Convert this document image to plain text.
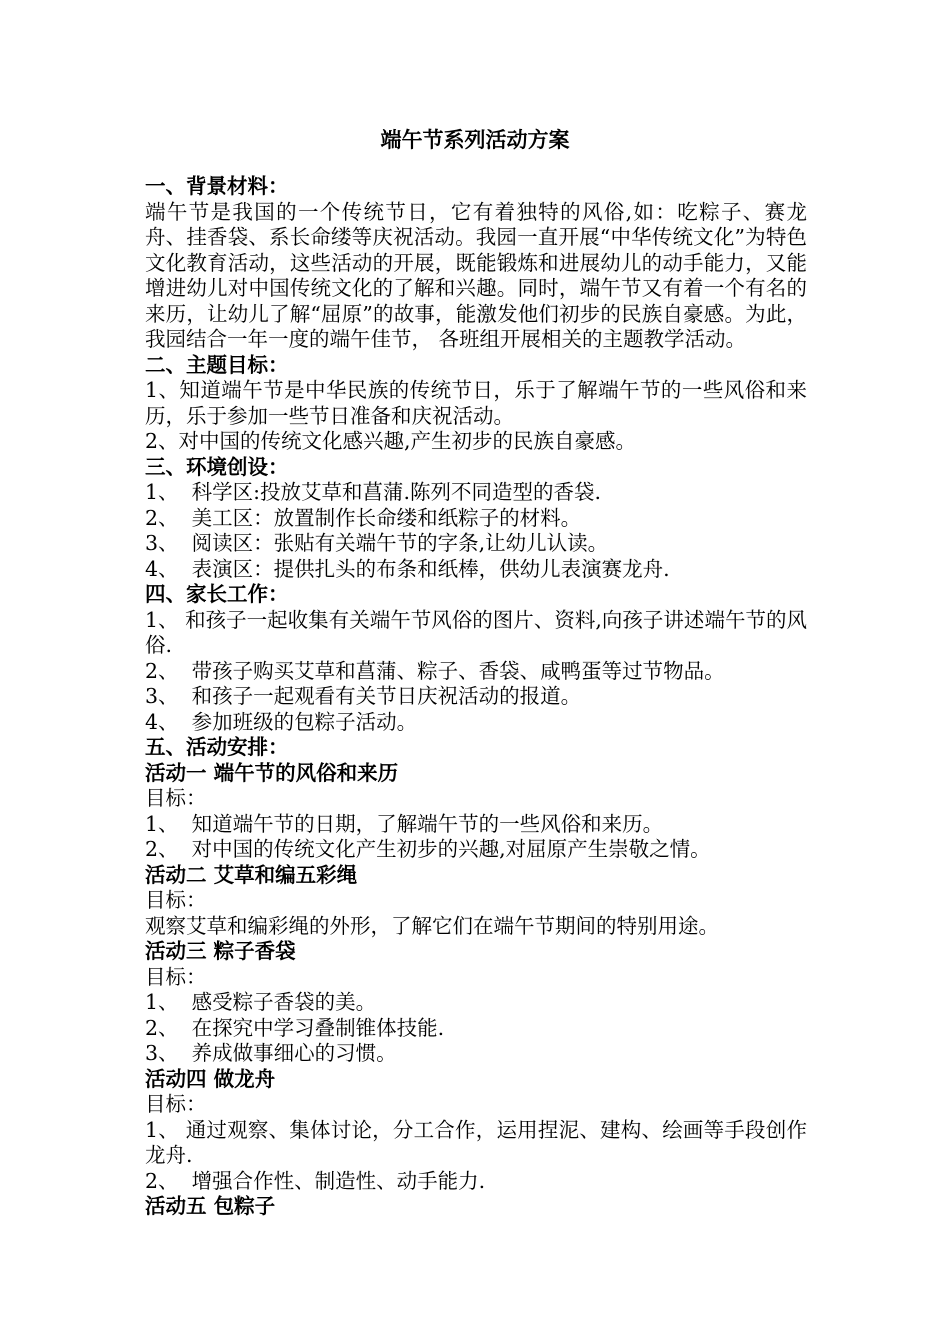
端午节系列活动方案

一、背景材料：

端午节是我国的一个传统节日，它有着独特的风俗,如：吃粽子、赛龙舟、挂香袋、系长命缕等庆祝活动。我园一直开展“中华传统文化”为特色文化教育活动，这些活动的开展，既能锻炼和进展幼儿的动手能力，又能增进幼儿对中国传统文化的了解和兴趣。同时，端午节又有着一个有名的来历，让幼儿了解“屈原”的故事，能激发他们初步的民族自豪感。为此，我园结合一年一度的端午佳节， 各班组开展相关的主题教学活动。

二、主题目标：

1、知道端午节是中华民族的传统节日，乐于了解端午节的一些风俗和来历，乐于参加一些节日准备和庆祝活动。

2、对中国的传统文化感兴趣,产生初步的民族自豪感。

三、环境创设：

1、  科学区:投放艾草和菖蒲.陈列不同造型的香袋.

2、  美工区：放置制作长命缕和纸粽子的材料。

3、  阅读区：张贴有关端午节的字条,让幼儿认读。

4、  表演区：提供扎头的布条和纸棒，供幼儿表演赛龙舟.

四、家长工作：

1、 和孩子一起收集有关端午节风俗的图片、资料,向孩子讲述端午节的风俗.

2、  带孩子购买艾草和菖蒲、粽子、香袋、咸鸭蛋等过节物品。

3、  和孩子一起观看有关节日庆祝活动的报道。

4、  参加班级的包粽子活动。

五、活动安排：

活动一 端午节的风俗和来历

目标：

1、  知道端午节的日期，了解端午节的一些风俗和来历。

2、  对中国的传统文化产生初步的兴趣,对屈原产生崇敬之情。

活动二 艾草和编五彩绳

目标：

观察艾草和编彩绳的外形，了解它们在端午节期间的特别用途。

活动三 粽子香袋

目标：

1、  感受粽子香袋的美。

2、  在探究中学习叠制锥体技能.

3、  养成做事细心的习惯。

活动四 做龙舟

目标：

1、 通过观察、集体讨论，分工合作，运用捏泥、建构、绘画等手段创作龙舟.

2、  增强合作性、制造性、动手能力.

活动五 包粽子
